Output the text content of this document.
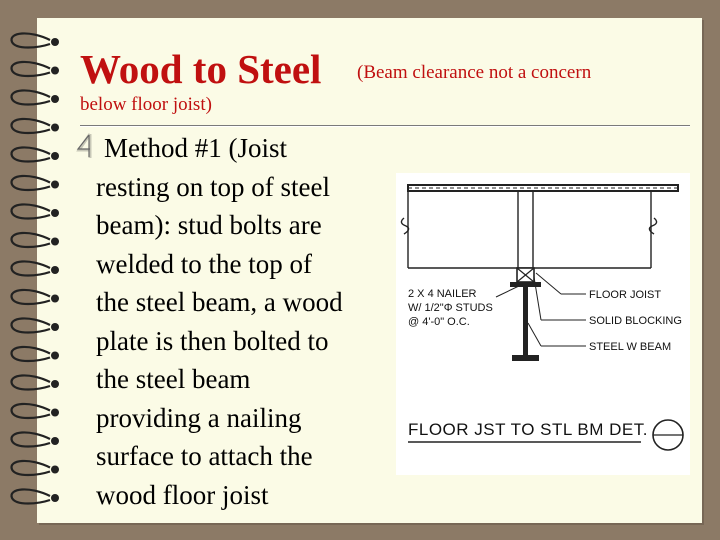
Wood to Steel	(Beam clearance not a concern
below floor joist)
Method #1 (Joist
resting on top of steel
beam): stud bolts are
welded to the top of
the steel beam, a wood
plate is then bolted to
the steel beam
providing a nailing
surface to attach the
wood floor joist
2 X 4 NAILER
W/ 1/2"Φ STUDS
@ 4'-0" O.C.
FLOOR JOIST
SOLID BLOCKING
STEEL W BEAM
FLOOR JST TO STL BM DET.
